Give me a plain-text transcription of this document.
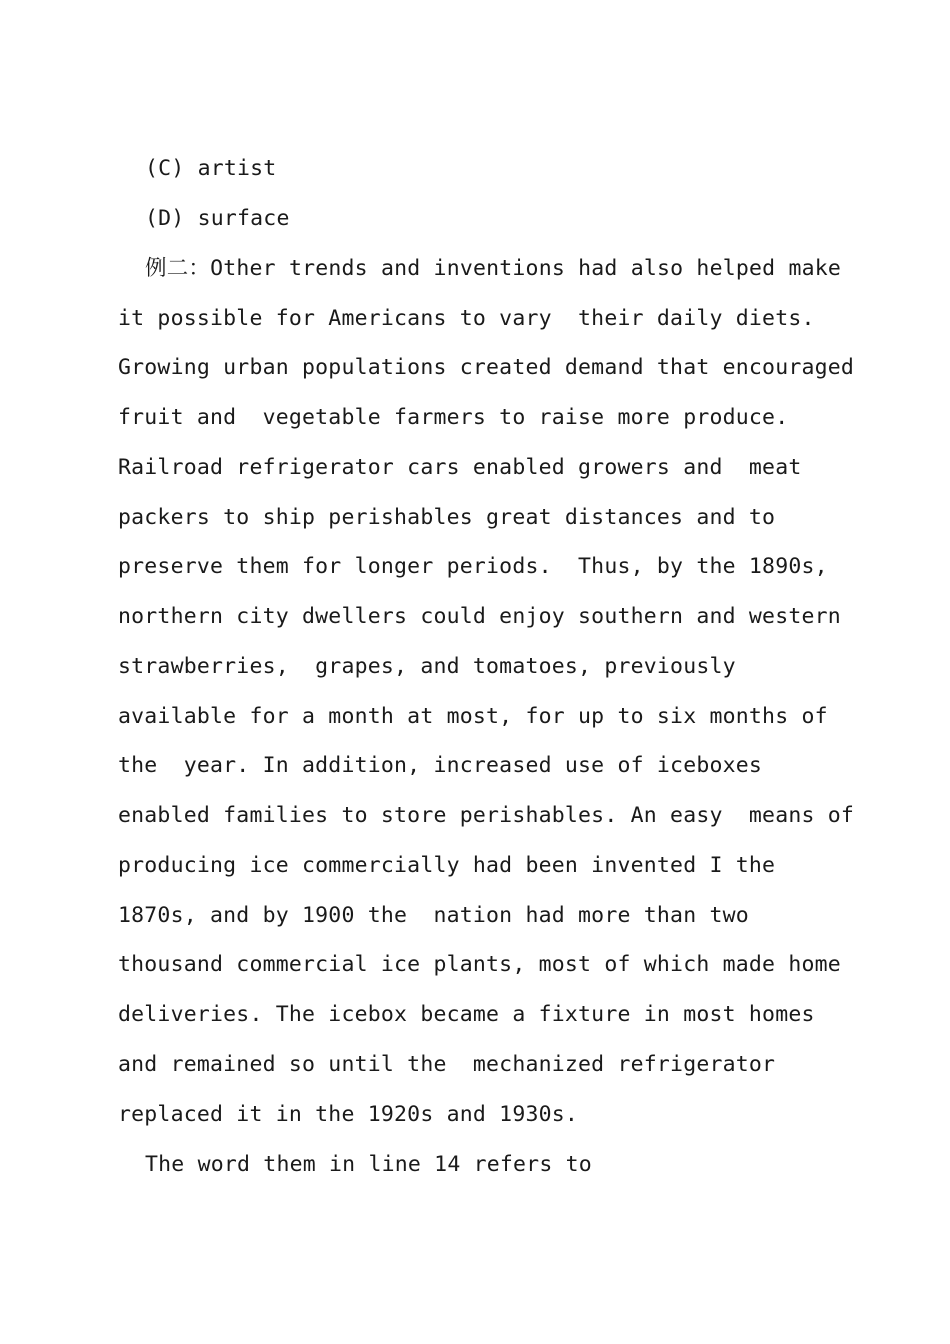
(C) artist
(D) surface
例二：Other trends and inventions had also helped make
it possible for Americans to vary  their daily diets.
Growing urban populations created demand that encouraged
fruit and  vegetable farmers to raise more produce.
Railroad refrigerator cars enabled growers and  meat
packers to ship perishables great distances and to
preserve them for longer periods.  Thus, by the 1890s,
northern city dwellers could enjoy southern and western
strawberries,  grapes, and tomatoes, previously
available for a month at most, for up to six months of
the  year. In addition, increased use of iceboxes
enabled families to store perishables. An easy  means of
producing ice commercially had been invented I the
1870s, and by 1900 the  nation had more than two
thousand commercial ice plants, most of which made home
deliveries. The icebox became a fixture in most homes
and remained so until the  mechanized refrigerator
replaced it in the 1920s and 1930s.
The word them in line 14 refers to
